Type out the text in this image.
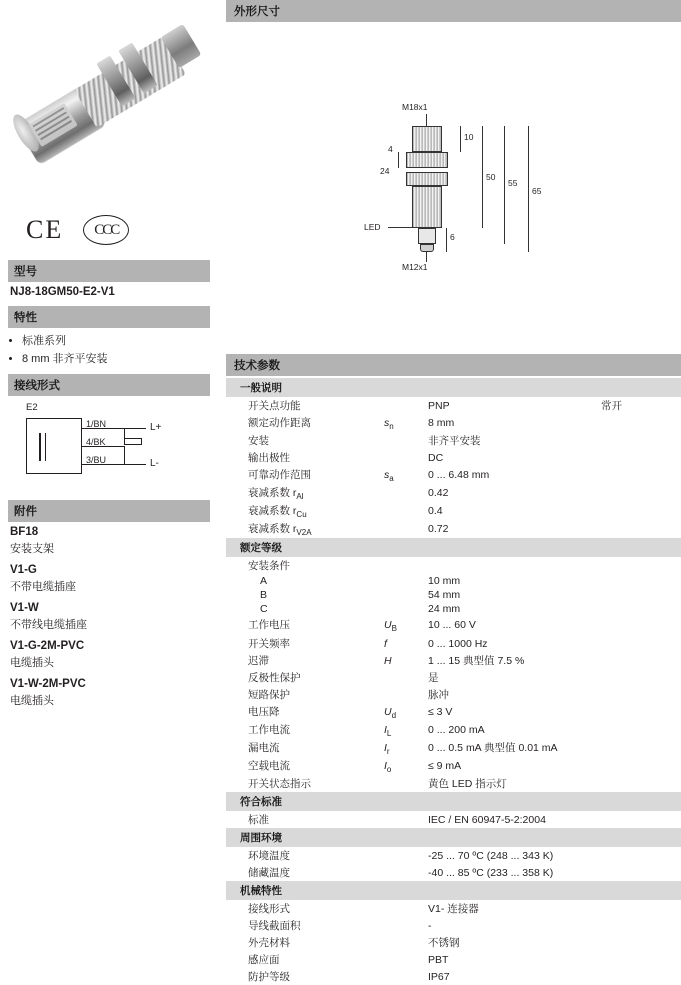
CE	CCC
型号
NJ8-18GM50-E2-V1
特性
• 标准系列
• 8 mm 非齐平安装
接线形式
E2
1/BN
4/BK
3/BU
L+
L-
附件
BF18
安装支架
V1-G
不带电缆插座
V1-W
不带线电缆插座
V1-G-2M-PVC
电缆插头
V1-W-2M-PVC
电缆插头
外形尺寸
M18x1
LED
24
4
10
50
55
65
6
M12x1
技术参数
一般说明
开关点功能	PNP	常开
额定动作距离	$s_n$	8 mm
安装	非齐平安装
输出极性	DC
可靠动作范围	$s_a$	0 ... 6.48 mm
衰减系数 $r_{Al}$	0.42
衰减系数 $r_{Cu}$	0.4
衰减系数 $r_{V2A}$	0.72
额定等级
安装条件
A	10 mm
B	54 mm
C	24 mm
工作电压	$U_B$	10 ... 60 V
开关频率	f	0 ... 1000 Hz
迟滞	H	1 ... 15 典型值 7.5 %
反极性保护	是
短路保护	脉冲
电压降	$U_d$	≤ 3 V
工作电流	$I_L$	0 ... 200 mA
漏电流	$I_r$	0 ... 0.5 mA 典型值 0.01 mA
空载电流	$I_o$	≤ 9 mA
开关状态指示	黄色 LED 指示灯
符合标准
标准	IEC / EN 60947-5-2:2004
周围环境
环境温度	-25 ... 70 ºC (248 ... 343 K)
储藏温度	-40 ... 85 ºC (233 ... 358 K)
机械特性
接线形式	V1- 连接器
导线截面积	-
外壳材料	不锈钢
感应面	PBT
防护等级	IP67
